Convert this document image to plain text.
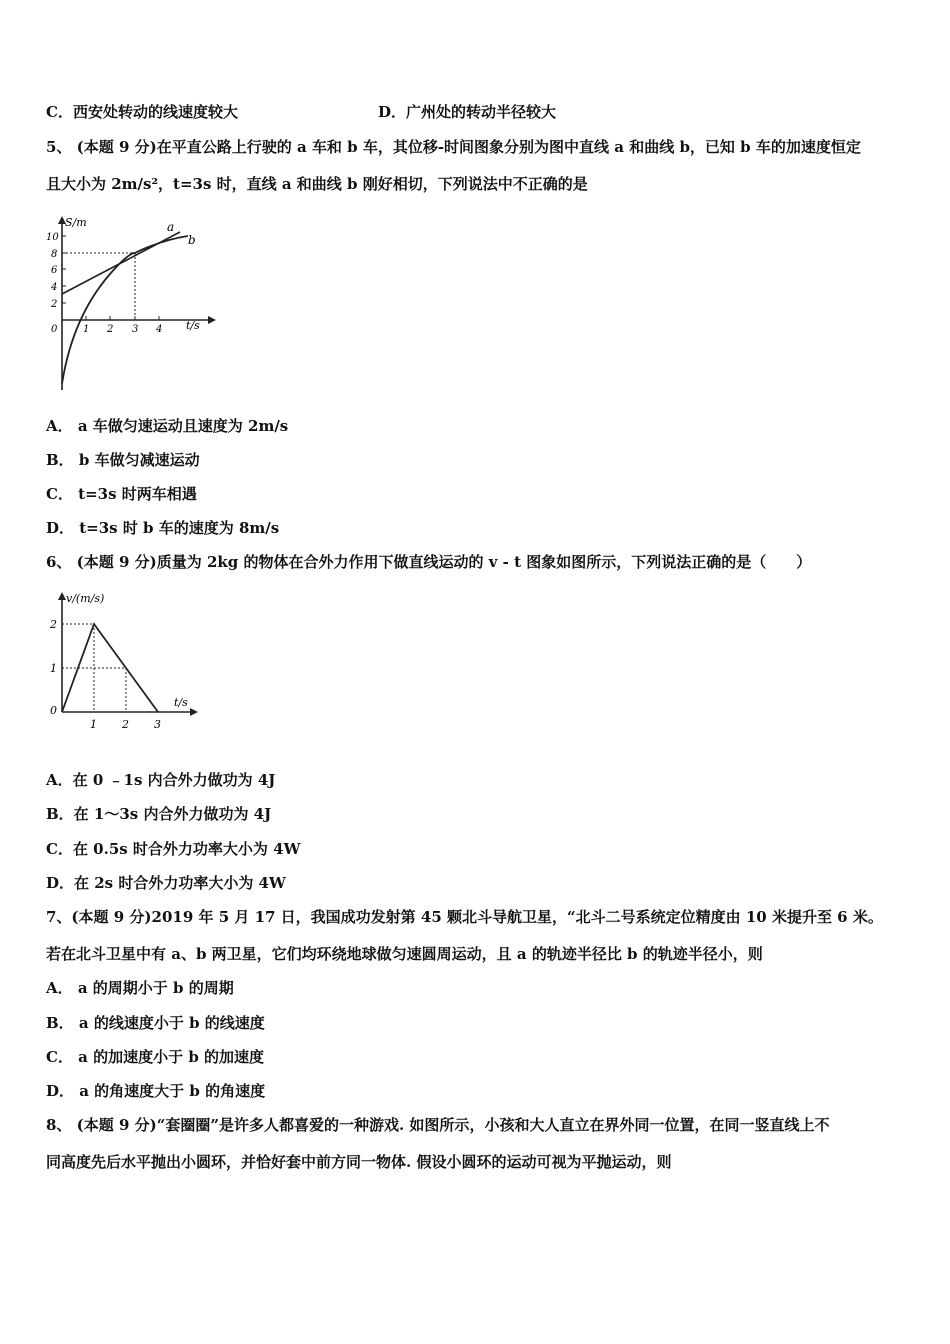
C．西安处转动的线速度较大	D．广州处的转动半径较大
5、 (本题 9 分)在平直公路上行驶的 a 车和 b 车，其位移-时间图象分别为图中直线 a 和曲线 b，已知 b 车的加速度恒定
且大小为 2m/s²，t=3s 时，直线 a 和曲线 b 刚好相切，下列说法中不正确的是
S/m
t/s
a
b
10
8
6
4
2
0	1 2 3 4
A． a 车做匀速运动且速度为 2m/s
B． b 车做匀减速运动
C． t=3s 时两车相遇
D． t=3s 时 b 车的速度为 8m/s
6、 (本题 9 分)质量为 2kg 的物体在合外力作用下做直线运动的 v - t 图象如图所示，下列说法正确的是（　　）
v/(m/s)
t/s
2
1
0
1 2 3
A．在 0 ﹣1s 内合外力做功为 4J
B．在 1～3s 内合外力做功为 4J
C．在 0.5s 时合外力功率大小为 4W
D．在 2s 时合外力功率大小为 4W
7、(本题 9 分)2019 年 5 月 17 日，我国成功发射第 45 颗北斗导航卫星，“北斗二号系统定位精度由 10 米提升至 6 米。
若在北斗卫星中有 a、b 两卫星，它们均环绕地球做匀速圆周运动，且 a 的轨迹半径比 b 的轨迹半径小，则
A． a 的周期小于 b 的周期
B． a 的线速度小于 b 的线速度
C． a 的加速度小于 b 的加速度
D． a 的角速度大于 b 的角速度
8、 (本题 9 分)“套圈圈”是许多人都喜爱的一种游戏. 如图所示，小孩和大人直立在界外同一位置，在同一竖直线上不
同高度先后水平抛出小圆环，并恰好套中前方同一物体. 假设小圆环的运动可视为平抛运动，则
